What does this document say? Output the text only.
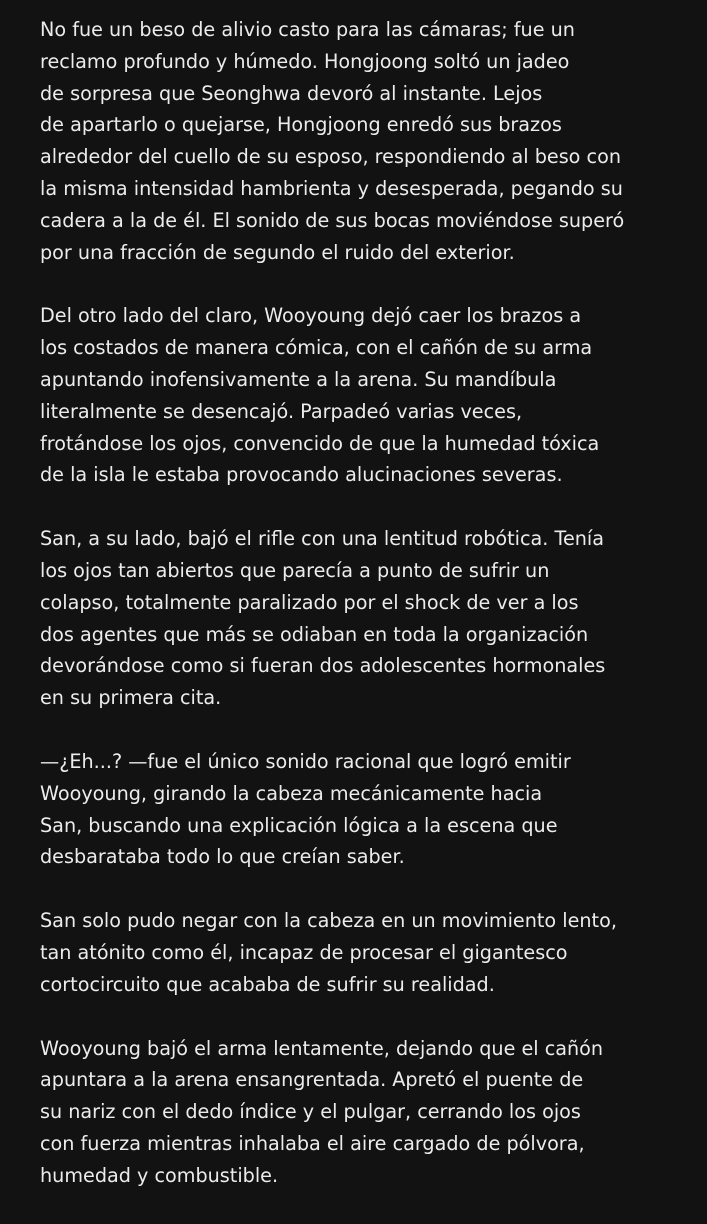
No fue un beso de alivio casto para las cámaras; fue un
reclamo profundo y húmedo. Hongjoong soltó un jadeo
de sorpresa que Seonghwa devoró al instante. Lejos
de apartarlo o quejarse, Hongjoong enredó sus brazos
alrededor del cuello de su esposo, respondiendo al beso con
la misma intensidad hambrienta y desesperada, pegando su
cadera a la de él. El sonido de sus bocas moviéndose superó
por una fracción de segundo el ruido del exterior.

Del otro lado del claro, Wooyoung dejó caer los brazos a
los costados de manera cómica, con el cañón de su arma
apuntando inofensivamente a la arena. Su mandíbula
literalmente se desencajó. Parpadeó varias veces,
frotándose los ojos, convencido de que la humedad tóxica
de la isla le estaba provocando alucinaciones severas.

San, a su lado, bajó el rifle con una lentitud robótica. Tenía
los ojos tan abiertos que parecía a punto de sufrir un
colapso, totalmente paralizado por el shock de ver a los
dos agentes que más se odiaban en toda la organización
devorándose como si fueran dos adolescentes hormonales
en su primera cita.

—¿Eh...? —fue el único sonido racional que logró emitir
Wooyoung, girando la cabeza mecánicamente hacia
San, buscando una explicación lógica a la escena que
desbarataba todo lo que creían saber.

San solo pudo negar con la cabeza en un movimiento lento,
tan atónito como él, incapaz de procesar el gigantesco
cortocircuito que acababa de sufrir su realidad.

Wooyoung bajó el arma lentamente, dejando que el cañón
apuntara a la arena ensangrentada. Apretó el puente de
su nariz con el dedo índice y el pulgar, cerrando los ojos
con fuerza mientras inhalaba el aire cargado de pólvora,
humedad y combustible.
